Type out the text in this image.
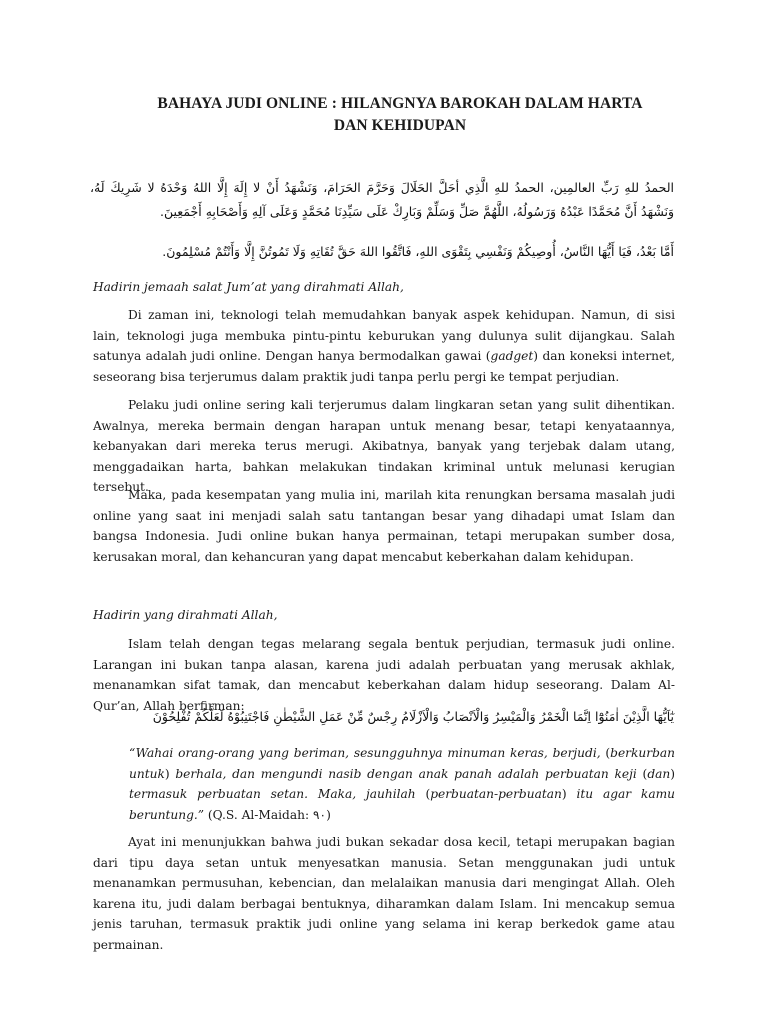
BAHAYA JUDI ONLINE : HILANGNYA BAROKAH DALAM HARTA
DAN KEHIDUPAN
الحمدُ للهِ رَبِّ العالمِين، الحمدُ للهِ الَّذِي أحَلَّ الحَلَالَ وَحَرَّمَ الحَرَامَ، وَنَشْهَدُ أَنْ لا إِلَهَ إِلَّا اللهُ وَحْدَهُ لا شَرِيكَ لَهُ، وَنَشْهَدُ أَنَّ مُحَمَّدًا عَبْدُهُ وَرَسُولُهُ، اللَّهُمَّ صَلِّ وَسَلِّمْ وَبَارِكْ عَلَى سَيِّدِنَا مُحَمَّدٍ وَعَلَى آلِهِ وَأَصْحَابِهِ أَجْمَعِينَ.
أَمَّا بَعْدُ، فَيَا أَيُّهَا النَّاسُ، أُوصِيكُمْ وَنَفْسِي بِتَقْوَى اللهِ، فَاتَّقُوا اللهَ حَقَّ تُقَاتِهِ وَلَا تَمُوتُنَّ إِلَّا وَأَنْتُمْ مُسْلِمُونَ.
Hadirin jemaah salat Jum’at yang dirahmati Allah,

Di zaman ini, teknologi telah memudahkan banyak aspek kehidupan. Namun, di sisi lain, teknologi juga membuka pintu-pintu keburukan yang dulunya sulit dijangkau. Salah satunya adalah judi online. Dengan hanya bermodalkan gawai (gadget) dan koneksi internet, seseorang bisa terjerumus dalam praktik judi tanpa perlu pergi ke tempat perjudian.

Pelaku judi online sering kali terjerumus dalam lingkaran setan yang sulit dihentikan. Awalnya, mereka bermain dengan harapan untuk menang besar, tetapi kenyataannya, kebanyakan dari mereka terus merugi. Akibatnya, banyak yang terjebak dalam utang, menggadaikan harta, bahkan melakukan tindakan kriminal untuk melunasi kerugian tersebut.

Maka, pada kesempatan yang mulia ini, marilah kita renungkan bersama masalah judi online yang saat ini menjadi salah satu tantangan besar yang dihadapi umat Islam dan bangsa Indonesia. Judi online bukan hanya permainan, tetapi merupakan sumber dosa, kerusakan moral, dan kehancuran yang dapat mencabut keberkahan dalam kehidupan.

Hadirin yang dirahmati Allah,

Islam telah dengan tegas melarang segala bentuk perjudian, termasuk judi online. Larangan ini bukan tanpa alasan, karena judi adalah perbuatan yang merusak akhlak, menanamkan sifat tamak, dan mencabut keberkahan dalam hidup seseorang. Dalam Al-Qur’an, Allah berfirman:

يٰٓاَيُّهَا الَّذِيْنَ اٰمَنُوْٓا اِنَّمَا الْخَمْرُ وَالْمَيْسِرُ وَالْاَنْصَابُ وَالْاَزْلَامُ رِجْسٌ مِّنْ عَمَلِ الشَّيْطٰنِ فَاجْتَنِبُوْهُ لَعَلَّكُمْ تُفْلِحُوْنَ

“Wahai orang-orang yang beriman, sesungguhnya minuman keras, berjudi, (berkurban untuk) berhala, dan mengundi nasib dengan anak panah adalah perbuatan keji (dan) termasuk perbuatan setan. Maka, jauhilah (perbuatan-perbuatan) itu agar kamu beruntung.” (Q.S. Al-Maidah: ٩٠)

Ayat ini menunjukkan bahwa judi bukan sekadar dosa kecil, tetapi merupakan bagian dari tipu daya setan untuk menyesatkan manusia. Setan menggunakan judi untuk menanamkan permusuhan, kebencian, dan melalaikan manusia dari mengingat Allah. Oleh karena itu, judi dalam berbagai bentuknya, diharamkan dalam Islam. Ini mencakup semua jenis taruhan, termasuk praktik judi online yang selama ini kerap berkedok game atau permainan.
